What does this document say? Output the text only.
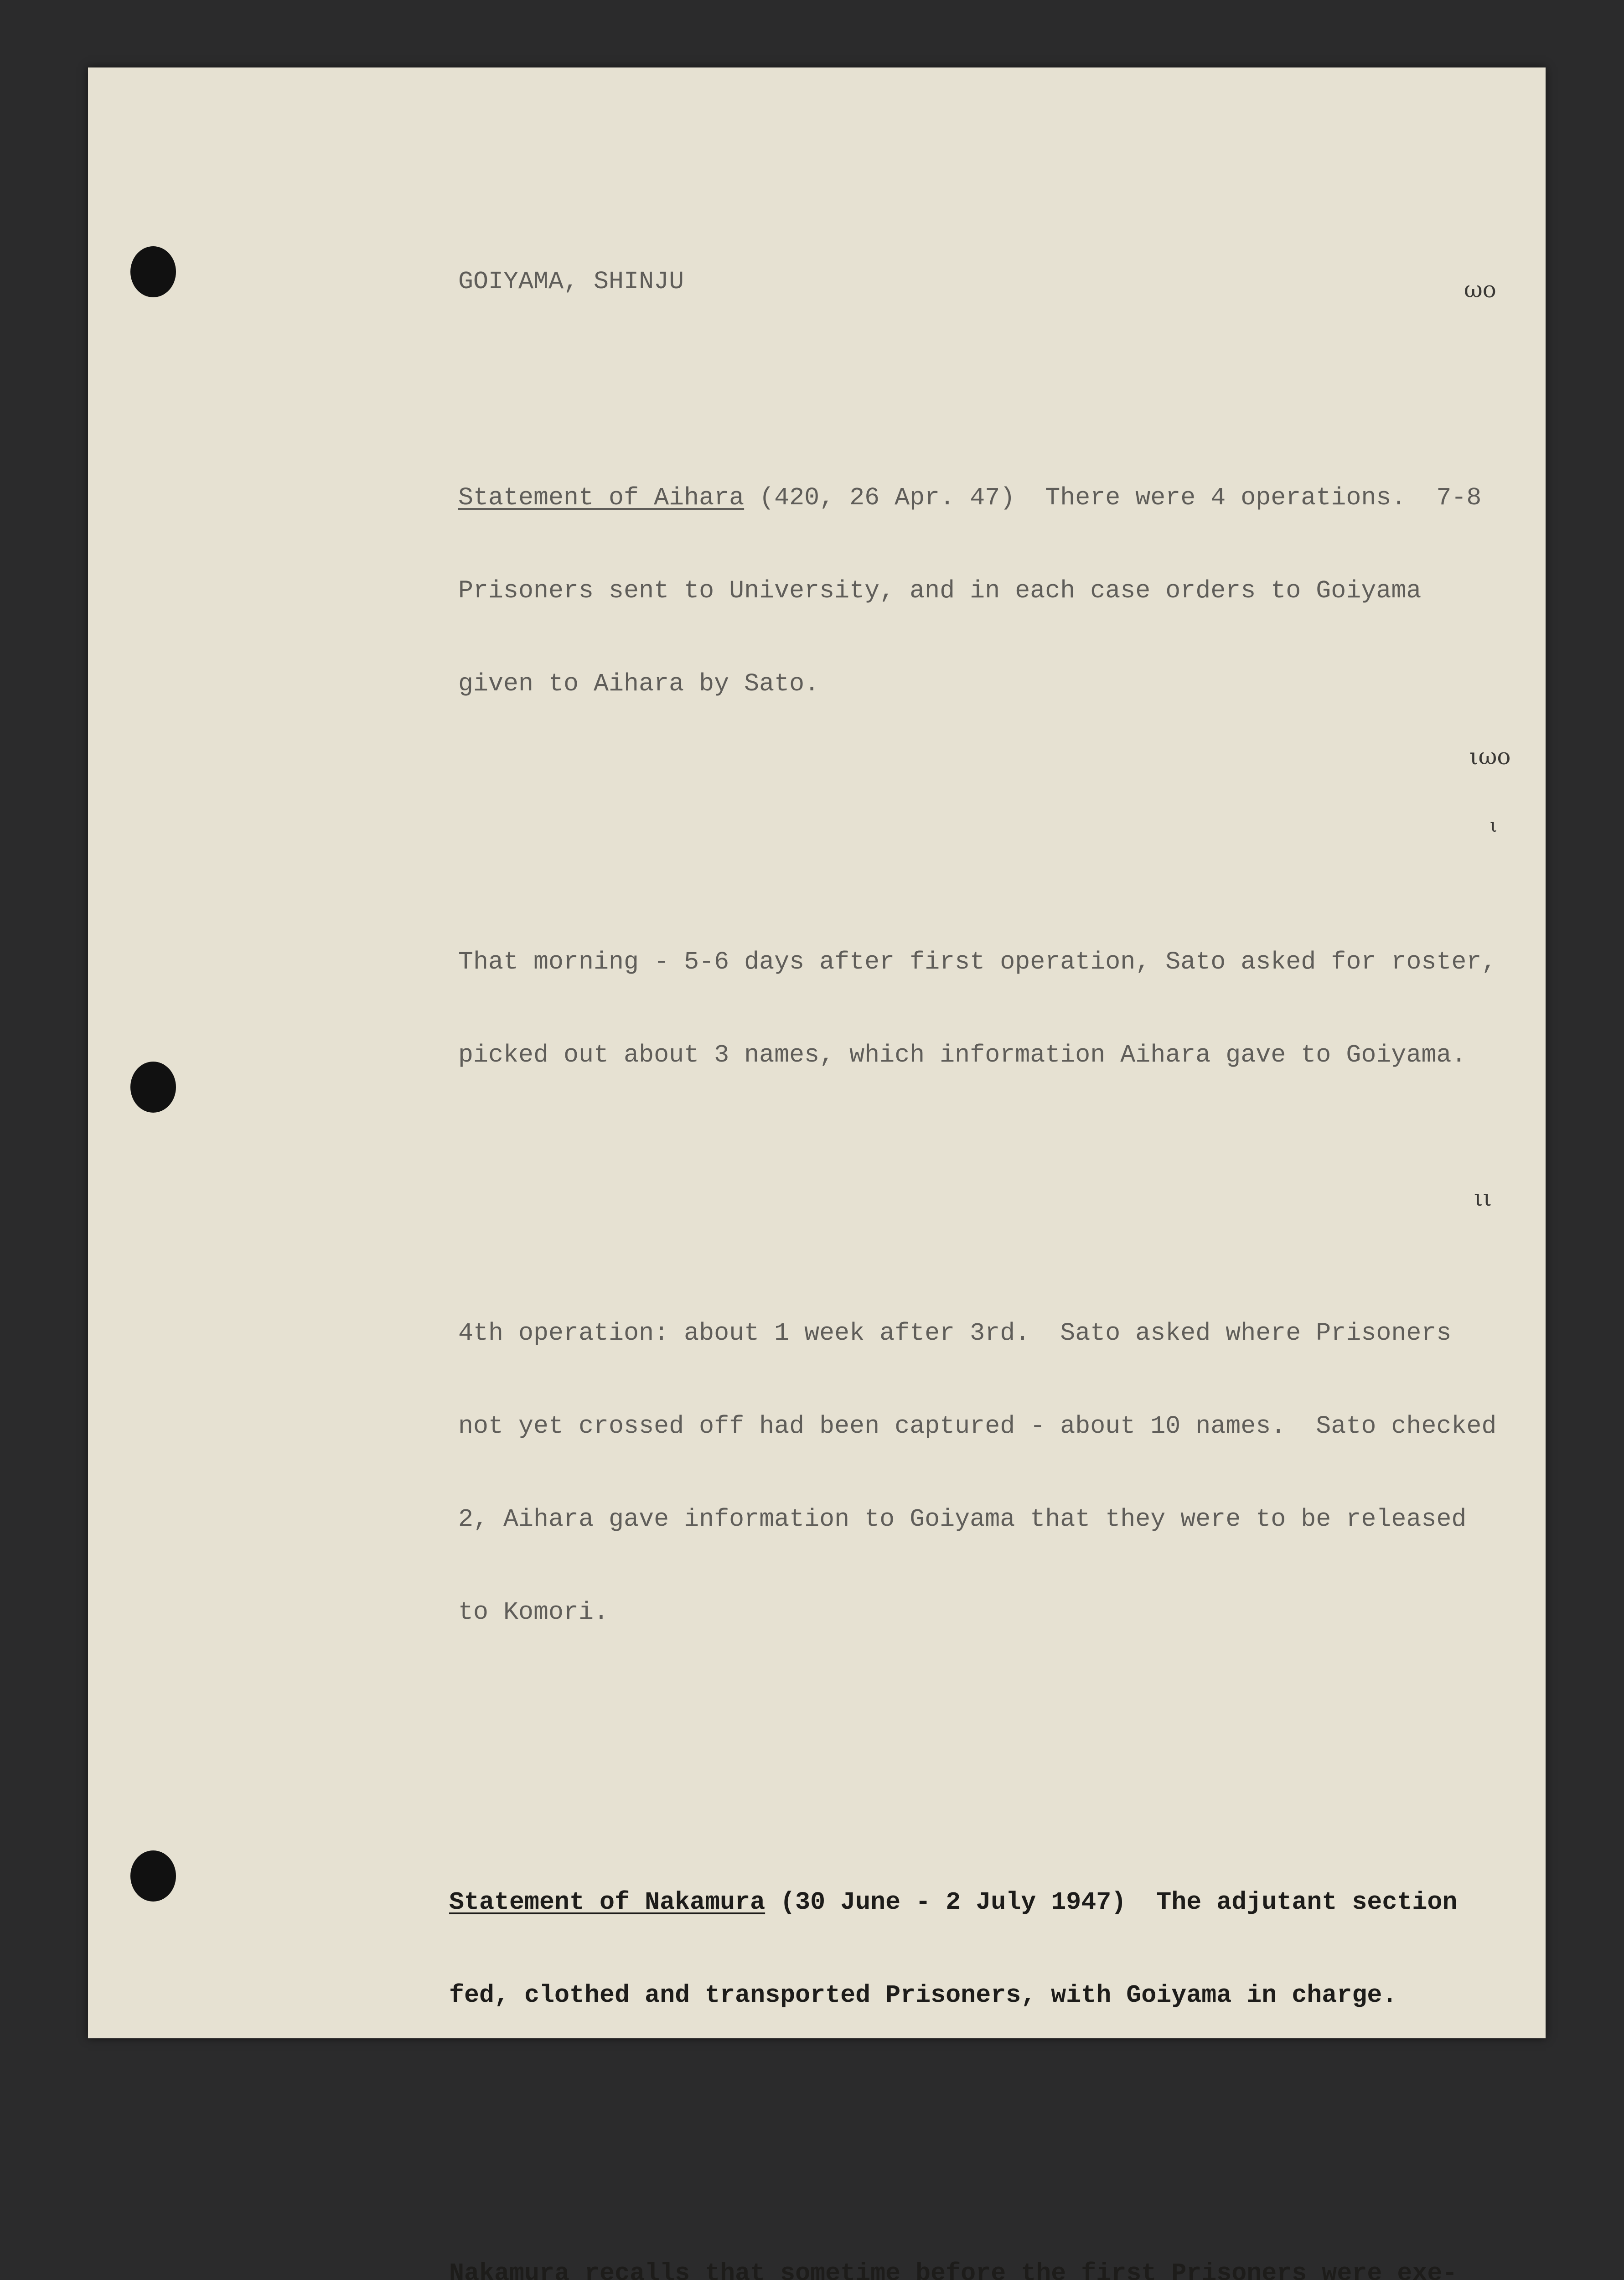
GOIYAMA, SHINJU

Statement of Aihara (420, 26 Apr. 47)  There were 4 operations.  7-8

Prisoners sent to University, and in each case orders to Goiyama

given to Aihara by Sato.

That morning - 5-6 days after first operation, Sato asked for roster,

picked out about 3 names, which information Aihara gave to Goiyama.

4th operation: about 1 week after 3rd.  Sato asked where Prisoners

not yet crossed off had been captured - about 10 names.  Sato checked

2, Aihara gave information to Goiyama that they were to be released

to Komori.

Statement of Nakamura (30 June - 2 July 1947)  The adjutant section

fed, clothed and transported Prisoners, with Goiyama in charge.

Nakamura recalls that sometime before the first Prisoners were exe-

ωο
ιωο
ιι
ι
